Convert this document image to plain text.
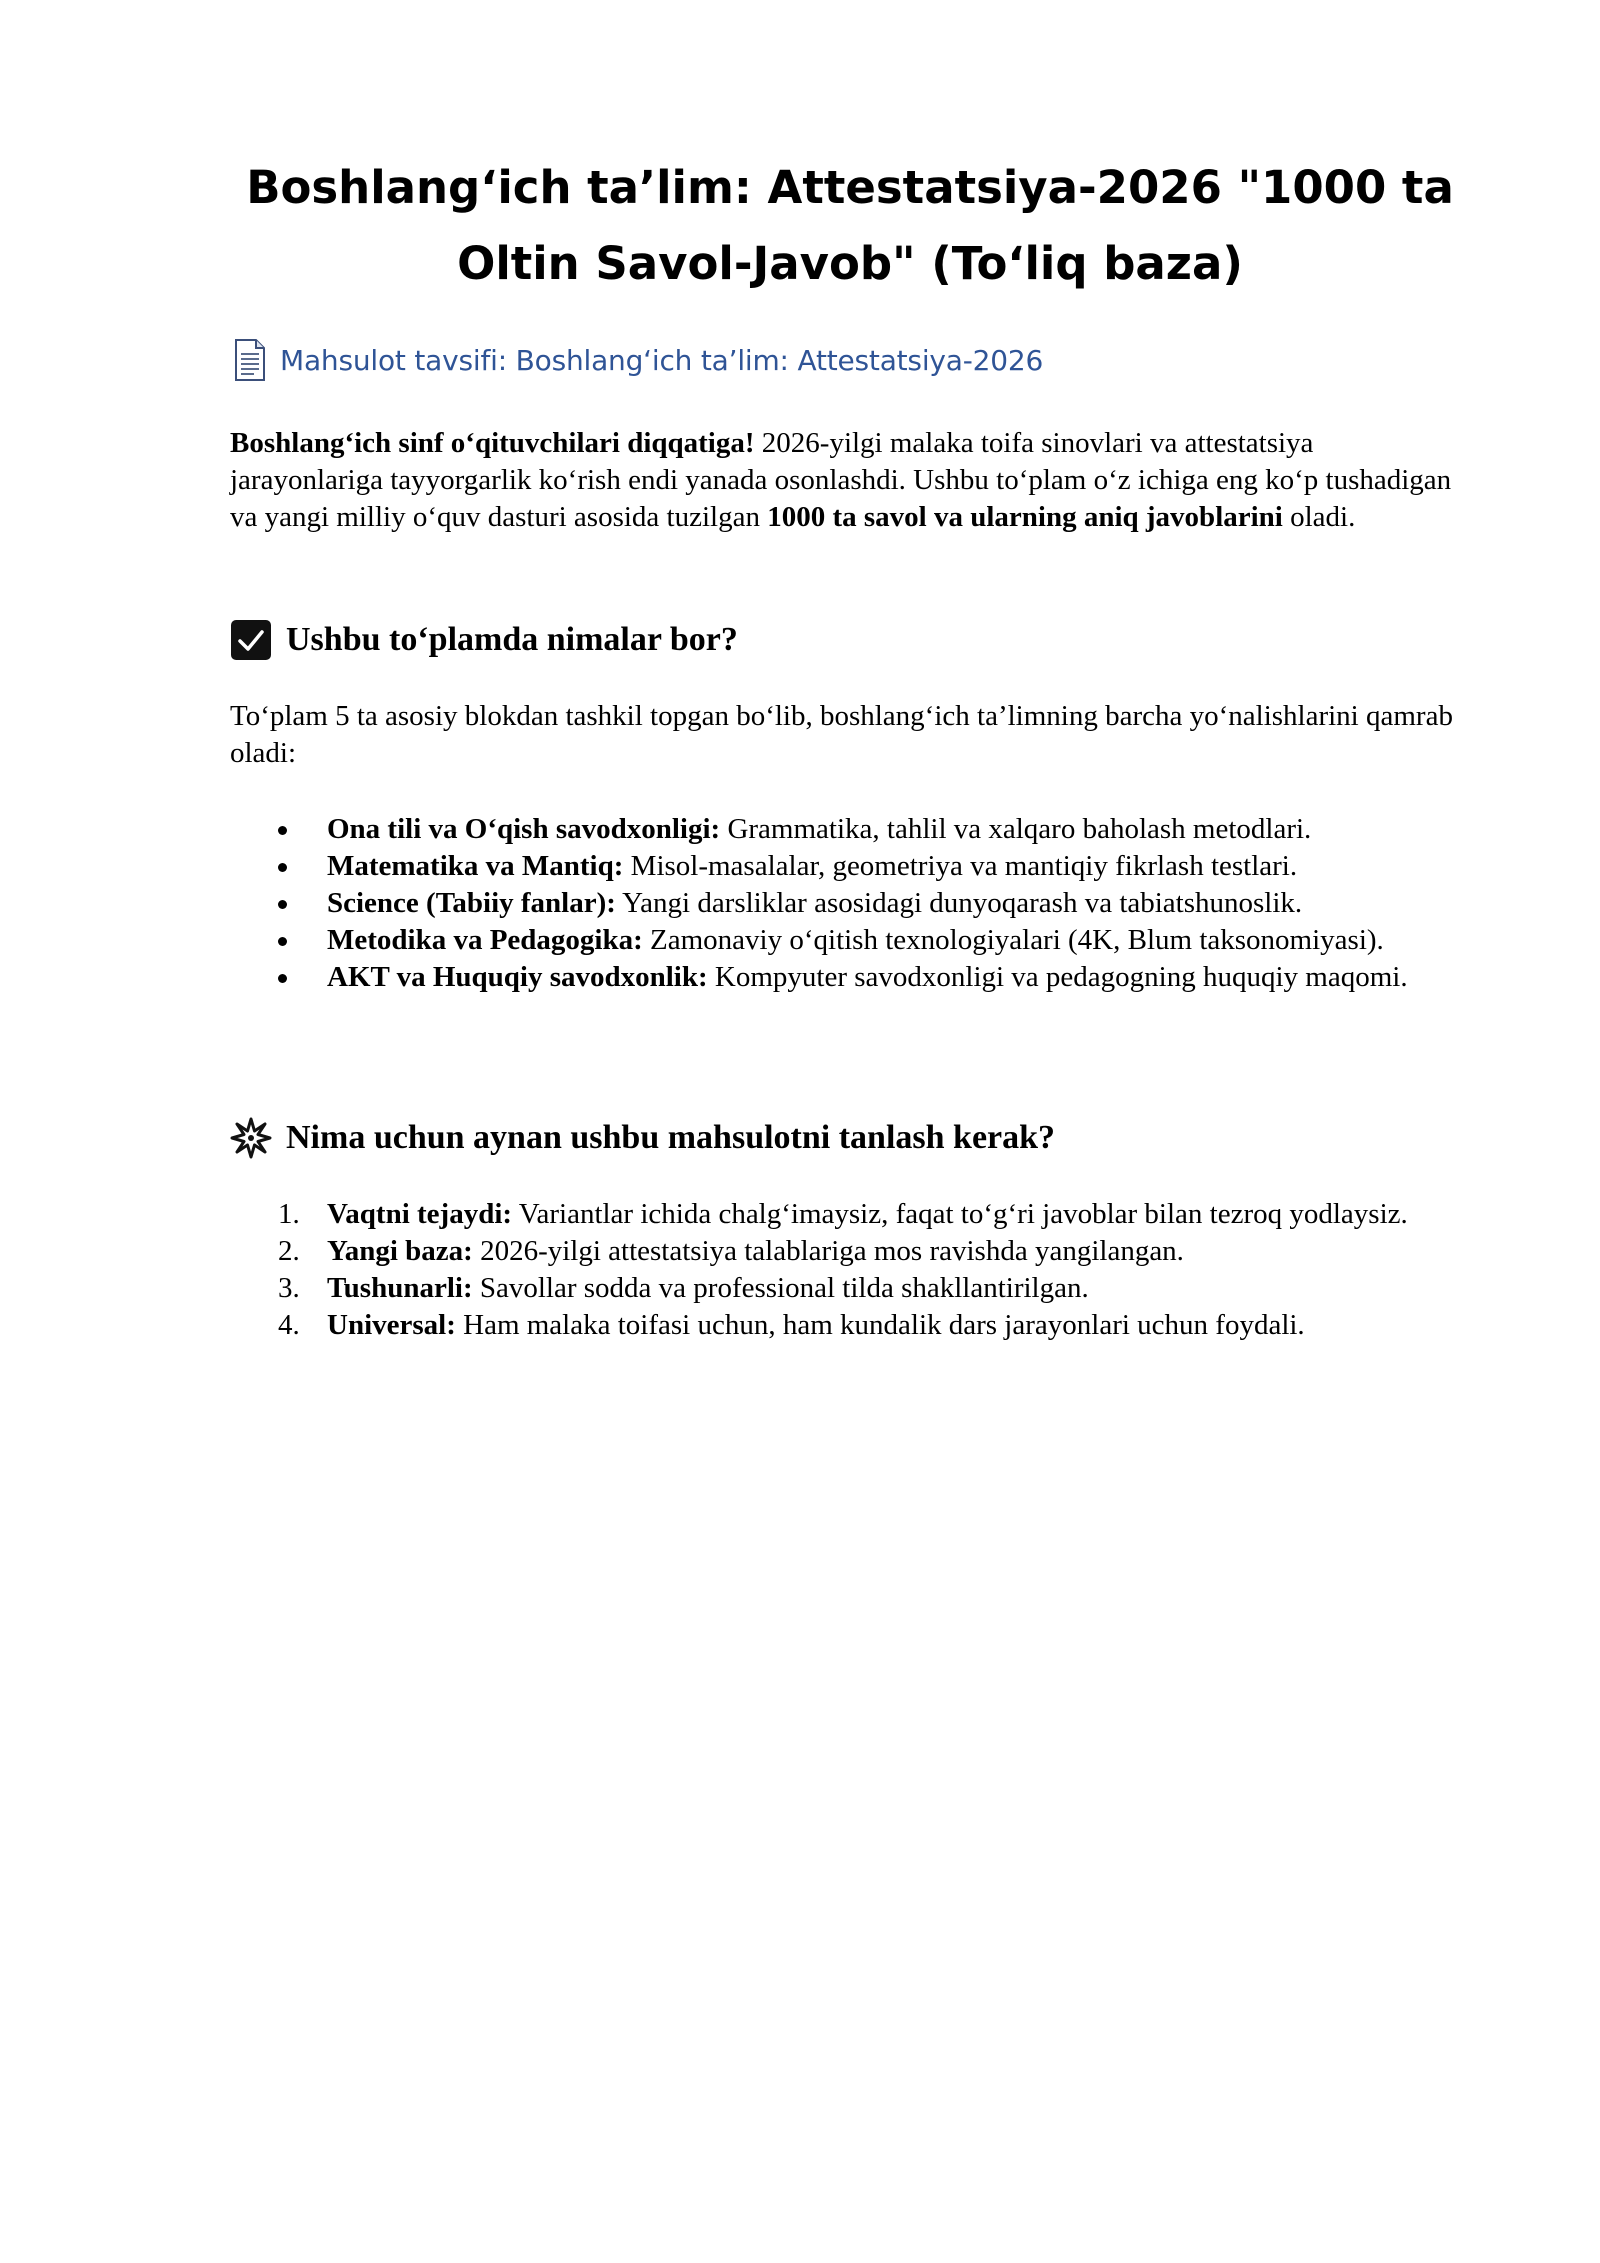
Boshlang‘ich ta’lim: Attestatsiya-2026 "1000 ta
Oltin Savol-Javob" (To‘liq baza)
Mahsulot tavsifi: Boshlang‘ich ta’lim: Attestatsiya-2026

Boshlang‘ich sinf o‘qituvchilari diqqatiga! 2026-yilgi malaka toifa sinovlari va attestatsiya jarayonlariga tayyorgarlik ko‘rish endi yanada osonlashdi. Ushbu to‘plam o‘z ichiga eng ko‘p tushadigan va yangi milliy o‘quv dasturi asosida tuzilgan 1000 ta savol va ularning aniq javoblarini oladi.

Ushbu to‘plamda nimalar bor?

To‘plam 5 ta asosiy blokdan tashkil topgan bo‘lib, boshlang‘ich ta’limning barcha yo‘nalishlarini qamrab oladi:

Ona tili va O‘qish savodxonligi: Grammatika, tahlil va xalqaro baholash metodlari.
Matematika va Mantiq: Misol-masalalar, geometriya va mantiqiy fikrlash testlari.
Science (Tabiiy fanlar): Yangi darsliklar asosidagi dunyoqarash va tabiatshunoslik.
Metodika va Pedagogika: Zamonaviy o‘qitish texnologiyalari (4K, Blum taksonomiyasi).
AKT va Huquqiy savodxonlik: Kompyuter savodxonligi va pedagogning huquqiy maqomi.
Nima uchun aynan ushbu mahsulotni tanlash kerak?
1. Vaqtni tejaydi: Variantlar ichida chalg‘imaysiz, faqat to‘g‘ri javoblar bilan tezroq yodlaysiz.
2. Yangi baza: 2026-yilgi attestatsiya talablariga mos ravishda yangilangan.
3. Tushunarli: Savollar sodda va professional tilda shakllantirilgan.
4. Universal: Ham malaka toifasi uchun, ham kundalik dars jarayonlari uchun foydali.
